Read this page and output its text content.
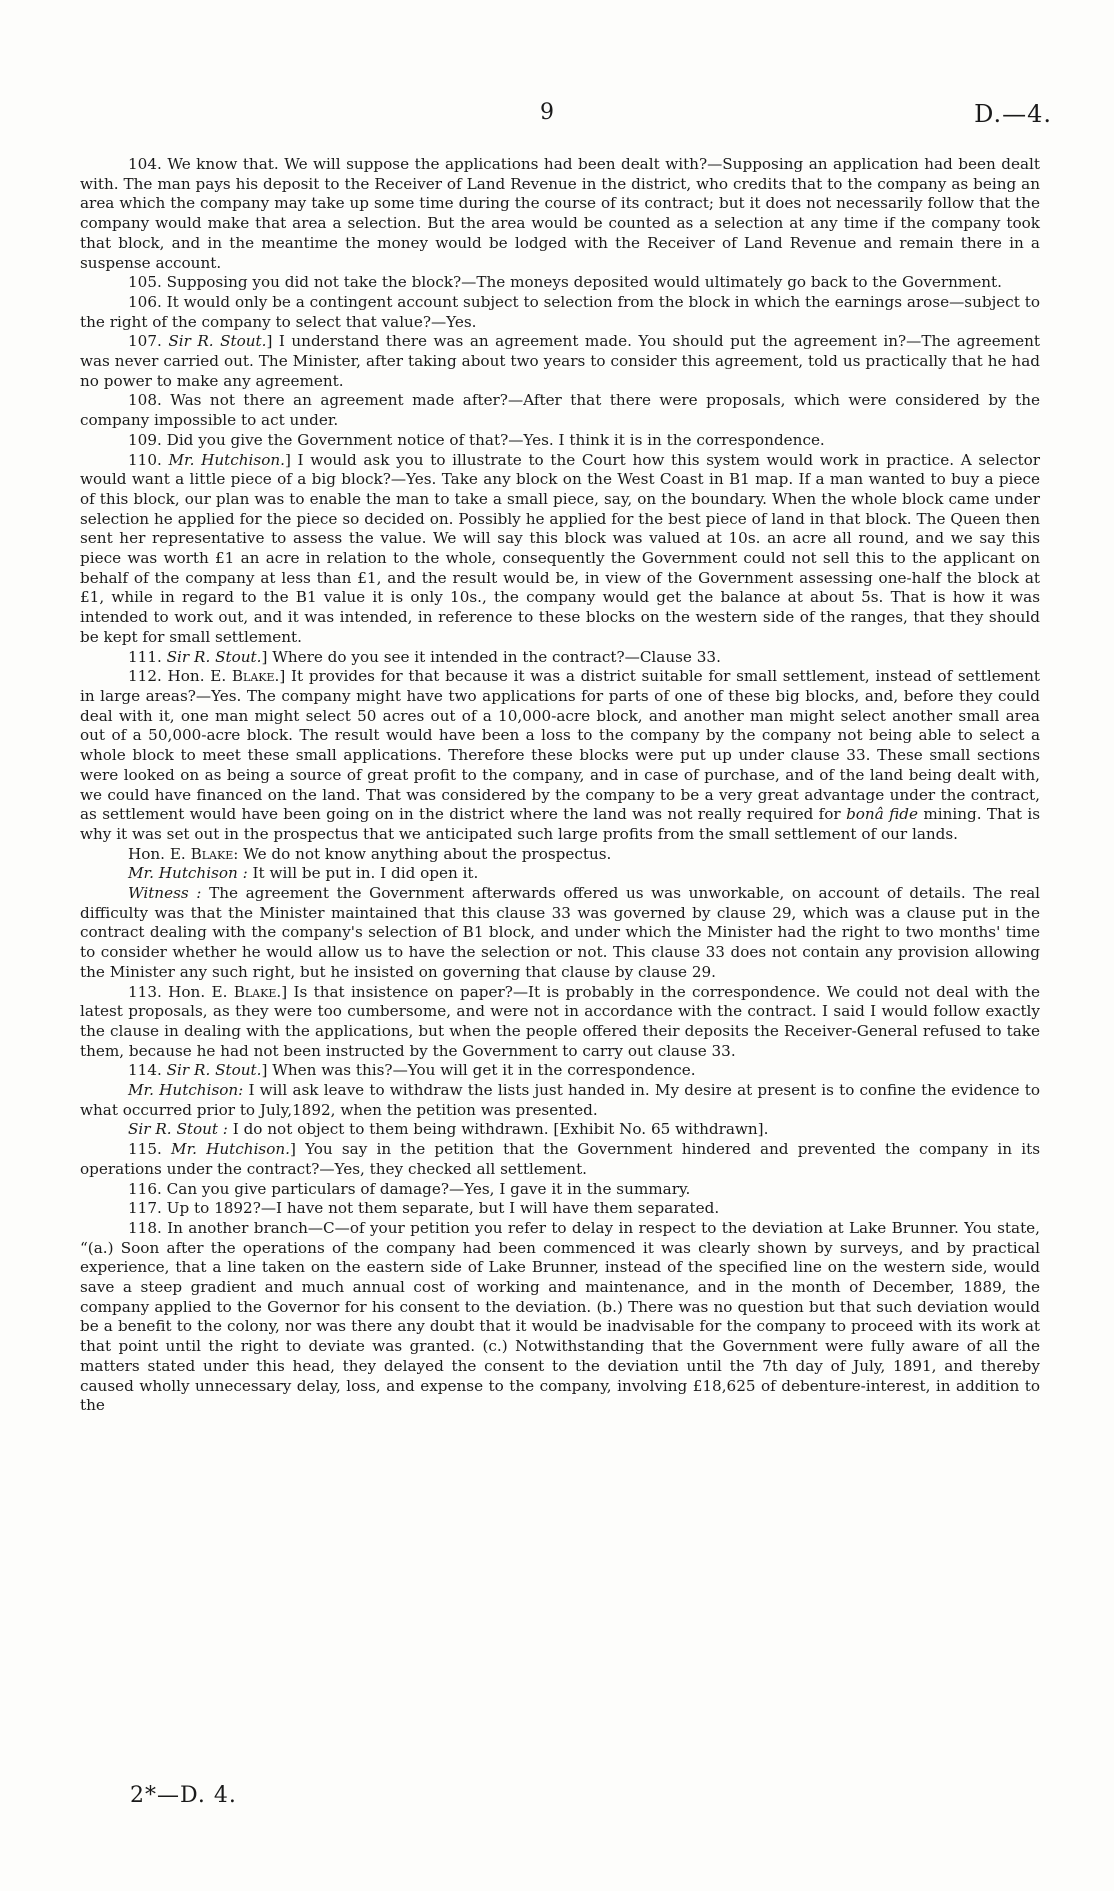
9	D.—4.

104. We know that. We will suppose the applications had been dealt with?—Supposing an application had been dealt with. The man pays his deposit to the Receiver of Land Revenue in the district, who credits that to the company as being an area which the company may take up some time during the course of its contract; but it does not necessarily follow that the company would make that area a selection. But the area would be counted as a selection at any time if the company took that block, and in the meantime the money would be lodged with the Receiver of Land Revenue and remain there in a suspense account.

105. Supposing you did not take the block?—The moneys deposited would ultimately go back to the Government.

106. It would only be a contingent account subject to selection from the block in which the earnings arose—subject to the right of the company to select that value?—Yes.

107. Sir R. Stout.] I understand there was an agreement made. You should put the agreement in?—The agreement was never carried out. The Minister, after taking about two years to consider this agreement, told us practically that he had no power to make any agreement.

108. Was not there an agreement made after?—After that there were proposals, which were considered by the company impossible to act under.

109. Did you give the Government notice of that?—Yes. I think it is in the correspondence.

110. Mr. Hutchison.] I would ask you to illustrate to the Court how this system would work in practice. A selector would want a little piece of a big block?—Yes. Take any block on the West Coast in B1 map. If a man wanted to buy a piece of this block, our plan was to enable the man to take a small piece, say, on the boundary. When the whole block came under selection he applied for the piece so decided on. Possibly he applied for the best piece of land in that block. The Queen then sent her representative to assess the value. We will say this block was valued at 10s. an acre all round, and we say this piece was worth £1 an acre in relation to the whole, consequently the Government could not sell this to the applicant on behalf of the company at less than £1, and the result would be, in view of the Government assessing one-half the block at £1, while in regard to the B1 value it is only 10s., the company would get the balance at about 5s. That is how it was intended to work out, and it was intended, in reference to these blocks on the western side of the ranges, that they should be kept for small settlement.

111. Sir R. Stout.] Where do you see it intended in the contract?—Clause 33.

112. Hon. E. Blake.] It provides for that because it was a district suitable for small settlement, instead of settlement in large areas?—Yes. The company might have two applications for parts of one of these big blocks, and, before they could deal with it, one man might select 50 acres out of a 10,000-acre block, and another man might select another small area out of a 50,000-acre block. The result would have been a loss to the company by the company not being able to select a whole block to meet these small applications. Therefore these blocks were put up under clause 33. These small sections were looked on as being a source of great profit to the company, and in case of purchase, and of the land being dealt with, we could have financed on the land. That was considered by the company to be a very great advantage under the contract, as settlement would have been going on in the district where the land was not really required for bonâ fide mining. That is why it was set out in the prospectus that we anticipated such large profits from the small settlement of our lands.

Hon. E. Blake: We do not know anything about the prospectus.

Mr. Hutchison : It will be put in. I did open it.

Witness : The agreement the Government afterwards offered us was unworkable, on account of details. The real difficulty was that the Minister maintained that this clause 33 was governed by clause 29, which was a clause put in the contract dealing with the company's selection of B1 block, and under which the Minister had the right to two months' time to consider whether he would allow us to have the selection or not. This clause 33 does not contain any provision allowing the Minister any such right, but he insisted on governing that clause by clause 29.

113. Hon. E. Blake.] Is that insistence on paper?—It is probably in the correspondence. We could not deal with the latest proposals, as they were too cumbersome, and were not in accordance with the contract. I said I would follow exactly the clause in dealing with the applications, but when the people offered their deposits the Receiver-General refused to take them, because he had not been instructed by the Government to carry out clause 33.

114. Sir R. Stout.] When was this?—You will get it in the correspondence.

Mr. Hutchison: I will ask leave to withdraw the lists just handed in. My desire at present is to confine the evidence to what occurred prior to July,1892, when the petition was presented.

Sir R. Stout : I do not object to them being withdrawn. [Exhibit No. 65 withdrawn].

115. Mr. Hutchison.] You say in the petition that the Government hindered and prevented the company in its operations under the contract?—Yes, they checked all settlement.

116. Can you give particulars of damage?—Yes, I gave it in the summary.

117. Up to 1892?—I have not them separate, but I will have them separated.

118. In another branch—C—of your petition you refer to delay in respect to the deviation at Lake Brunner. You state, “(a.) Soon after the operations of the company had been commenced it was clearly shown by surveys, and by practical experience, that a line taken on the eastern side of Lake Brunner, instead of the specified line on the western side, would save a steep gradient and much annual cost of working and maintenance, and in the month of December, 1889, the company applied to the Governor for his consent to the deviation. (b.) There was no question but that such deviation would be a benefit to the colony, nor was there any doubt that it would be inadvisable for the company to proceed with its work at that point until the right to deviate was granted. (c.) Notwithstanding that the Government were fully aware of all the matters stated under this head, they delayed the consent to the deviation until the 7th day of July, 1891, and thereby caused wholly unnecessary delay, loss, and expense to the company, involving £18,625 of debenture-interest, in addition to the

2*—D. 4.
